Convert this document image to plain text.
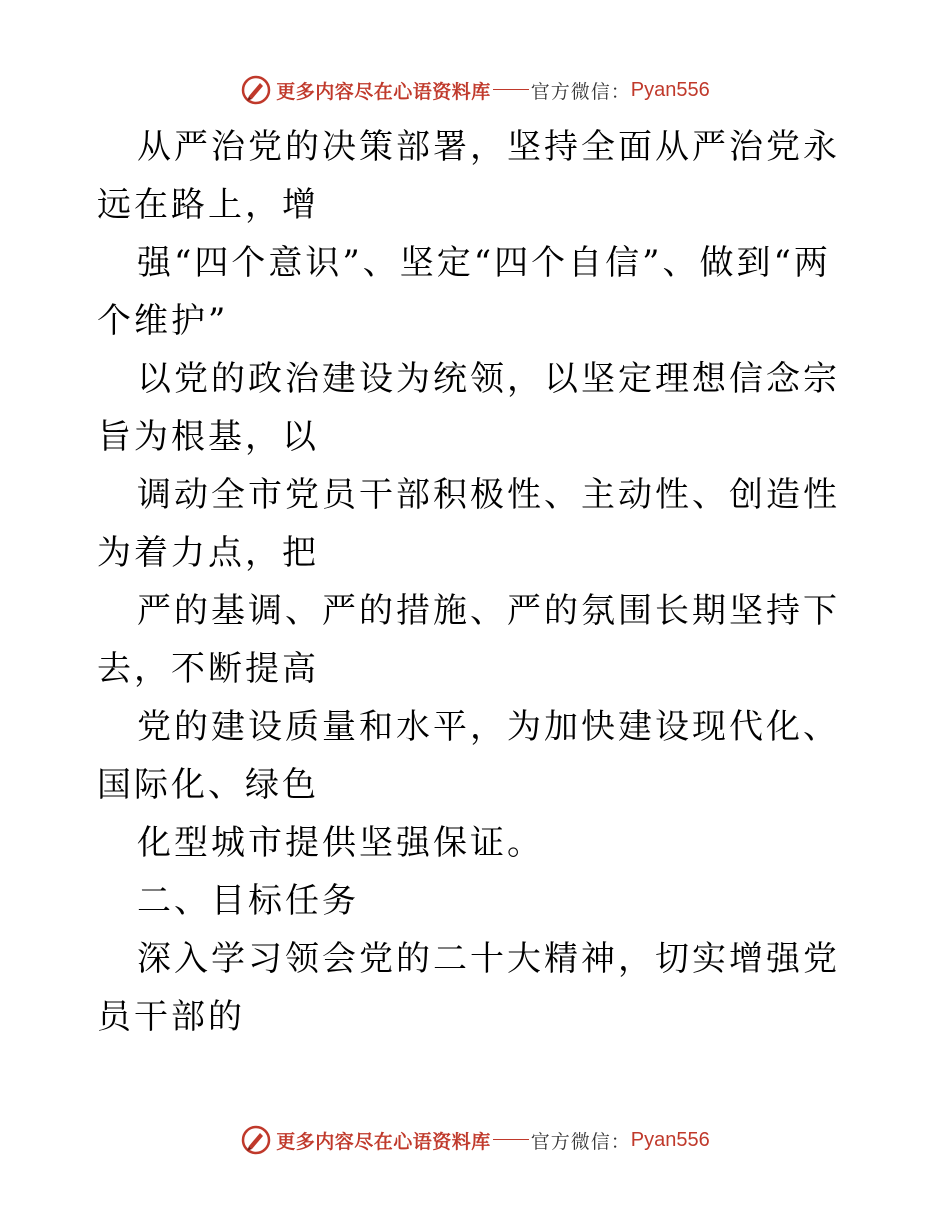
更多内容尽在心语资料库 官方微信： Pyan556

从严治党的决策部署，坚持全面从严治党永远在路上，增

强“四个意识”、坚定“四个自信”、做到“两个维护”

以党的政治建设为统领，以坚定理想信念宗旨为根基，以

调动全市党员干部积极性、主动性、创造性为着力点，把

严的基调、严的措施、严的氛围长期坚持下去，不断提高

党的建设质量和水平，为加快建设现代化、国际化、绿色

化型城市提供坚强保证。

二、目标任务

深入学习领会党的二十大精神，切实增强党员干部的

更多内容尽在心语资料库 官方微信： Pyan556
